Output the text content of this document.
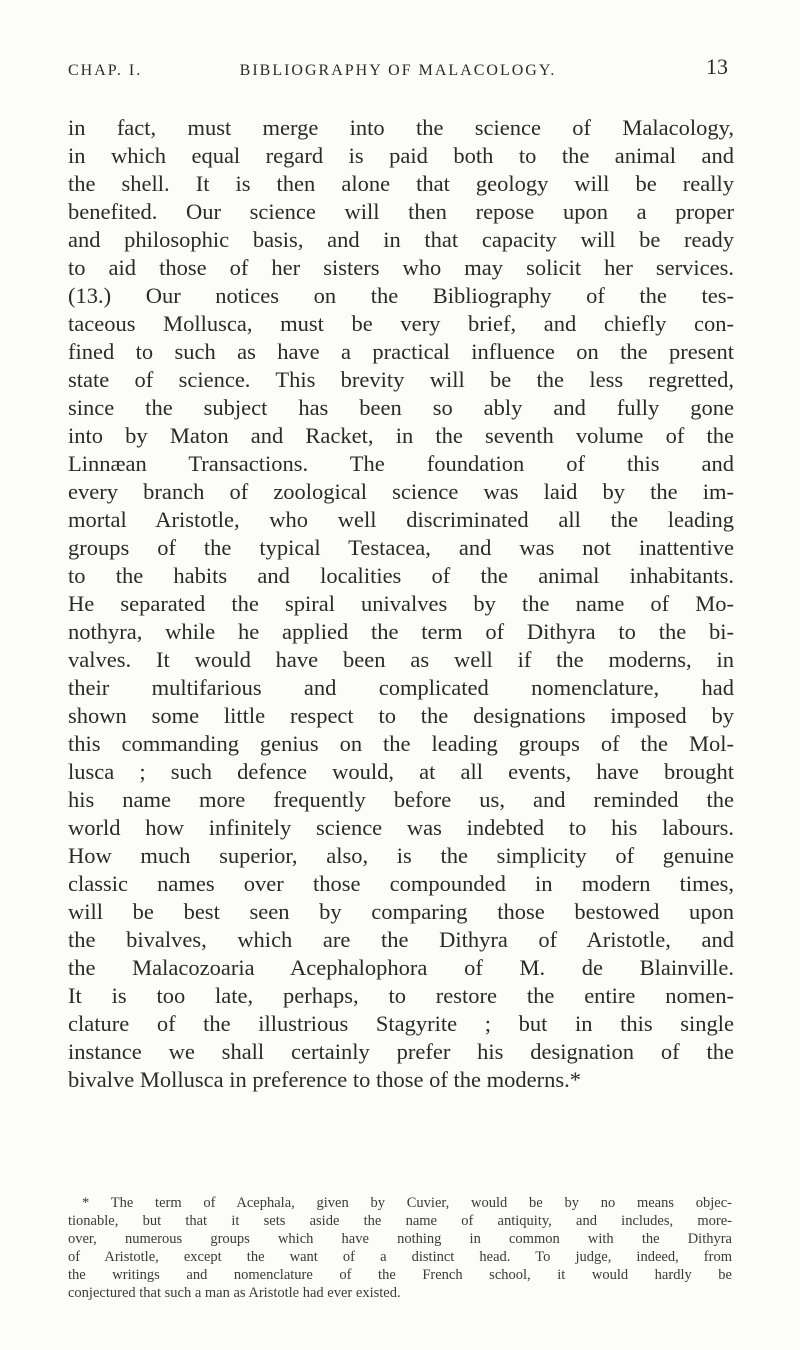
CHAP. I.	BIBLIOGRAPHY OF MALACOLOGY.	13
in fact, must merge into the science of Malacology,
in which equal regard is paid both to the animal and
the shell. It is then alone that geology will be really
benefited. Our science will then repose upon a proper
and philosophic basis, and in that capacity will be ready
to aid those of her sisters who may solicit her services.
(13.) Our notices on the Bibliography of the tes-
taceous Mollusca, must be very brief, and chiefly con-
fined to such as have a practical influence on the present
state of science. This brevity will be the less regretted,
since the subject has been so ably and fully gone
into by Maton and Racket, in the seventh volume of the
Linnæan Transactions. The foundation of this and
every branch of zoological science was laid by the im-
mortal Aristotle, who well discriminated all the leading
groups of the typical Testacea, and was not inattentive
to the habits and localities of the animal inhabitants.
He separated the spiral univalves by the name of Mo-
nothyra, while he applied the term of Dithyra to the bi-
valves. It would have been as well if the moderns, in
their multifarious and complicated nomenclature, had
shown some little respect to the designations imposed by
this commanding genius on the leading groups of the Mol-
lusca ; such defence would, at all events, have brought
his name more frequently before us, and reminded the
world how infinitely science was indebted to his labours.
How much superior, also, is the simplicity of genuine
classic names over those compounded in modern times,
will be best seen by comparing those bestowed upon
the bivalves, which are the Dithyra of Aristotle, and
the Malacozoaria Acephalophora of M. de Blainville.
It is too late, perhaps, to restore the entire nomen-
clature of the illustrious Stagyrite ; but in this single
instance we shall certainly prefer his designation of the
bivalve Mollusca in preference to those of the moderns.*
* The term of Acephala, given by Cuvier, would be by no means objec-
tionable, but that it sets aside the name of antiquity, and includes, more-
over, numerous groups which have nothing in common with the Dithyra
of Aristotle, except the want of a distinct head. To judge, indeed, from
the writings and nomenclature of the French school, it would hardly be
conjectured that such a man as Aristotle had ever existed.
